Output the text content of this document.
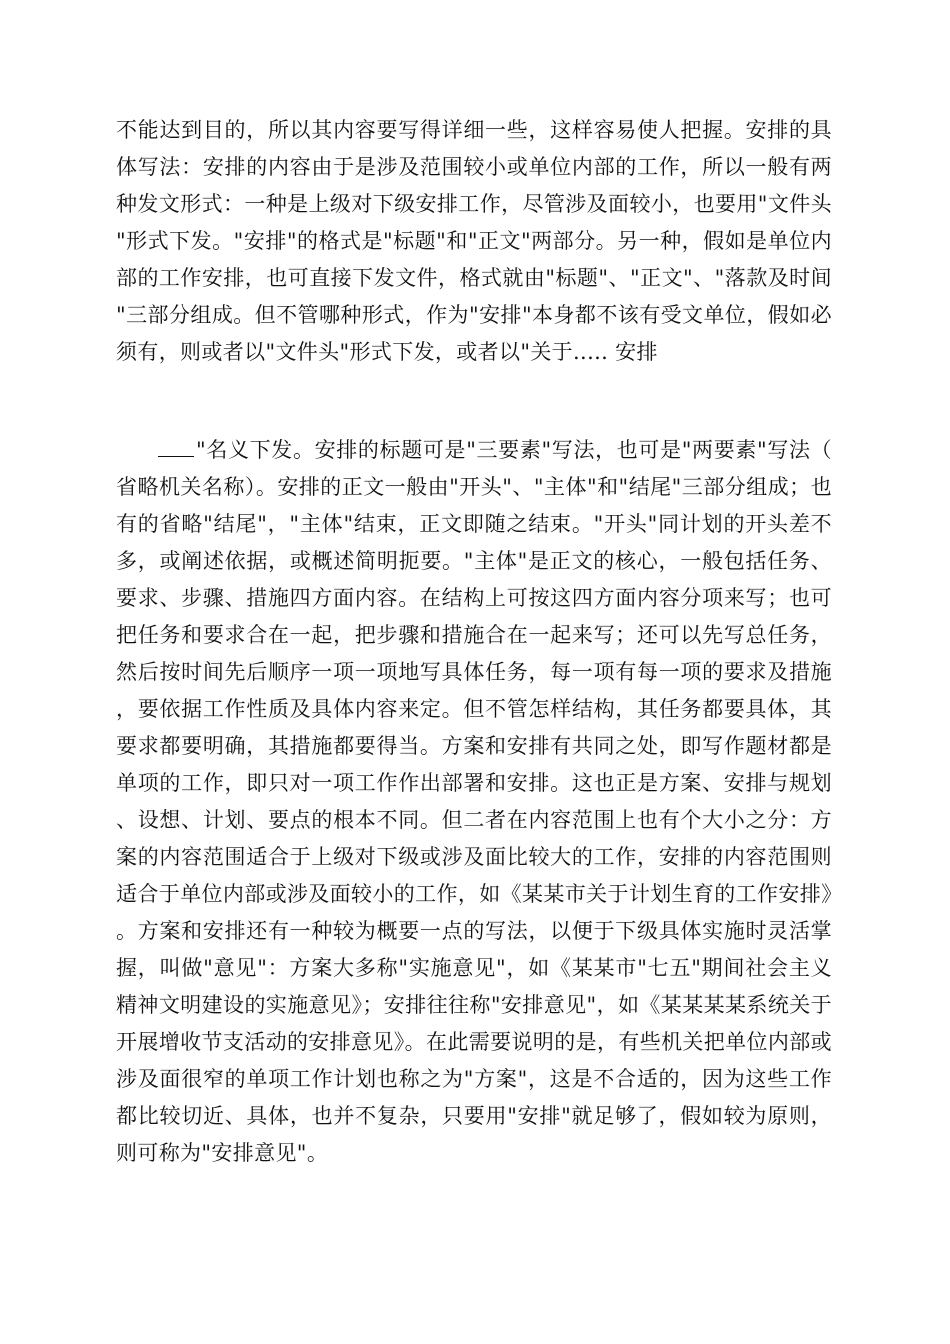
不能达到目的，所以其内容要写得详细一些，这样容易使人把握。安排的具体写法：安排的内容由于是涉及范围较小或单位内部的工作，所以一般有两种发文形式：一种是上级对下级安排工作，尽管涉及面较小，也要用"文件头"形式下发。"安排"的格式是"标题"和"正文"两部分。另一种，假如是单位内部的工作安排，也可直接下发文件，格式就由"标题"、"正文"、"落款及时间"三部分组成。但不管哪种形式，作为"安排"本身都不该有受文单位，假如必须有，则或者以"文件头"形式下发，或者以"关于..... 安排

"名义下发。安排的标题可是"三要素"写法，也可是"两要素"写法（省略机关名称）。安排的正文一般由"开头"、"主体"和"结尾"三部分组成；也有的省略"结尾"，"主体"结束，正文即随之结束。"开头"同计划的开头差不多，或阐述依据，或概述简明扼要。"主体"是正文的核心，一般包括任务、要求、步骤、措施四方面内容。在结构上可按这四方面内容分项来写；也可把任务和要求合在一起，把步骤和措施合在一起来写；还可以先写总任务，然后按时间先后顺序一项一项地写具体任务，每一项有每一项的要求及措施，要依据工作性质及具体内容来定。但不管怎样结构，其任务都要具体，其要求都要明确，其措施都要得当。方案和安排有共同之处，即写作题材都是单项的工作，即只对一项工作作出部署和安排。这也正是方案、安排与规划、设想、计划、要点的根本不同。但二者在内容范围上也有个大小之分：方案的内容范围适合于上级对下级或涉及面比较大的工作，安排的内容范围则适合于单位内部或涉及面较小的工作，如《某某市关于计划生育的工作安排》。方案和安排还有一种较为概要一点的写法，以便于下级具体实施时灵活掌握，叫做"意见"：方案大多称"实施意见"，如《某某市"七五"期间社会主义精神文明建设的实施意见》；安排往往称"安排意见"，如《某某某某系统关于开展增收节支活动的安排意见》。在此需要说明的是，有些机关把单位内部或涉及面很窄的单项工作计划也称之为"方案"，这是不合适的，因为这些工作都比较切近、具体，也并不复杂，只要用"安排"就足够了，假如较为原则，则可称为"安排意见"。
